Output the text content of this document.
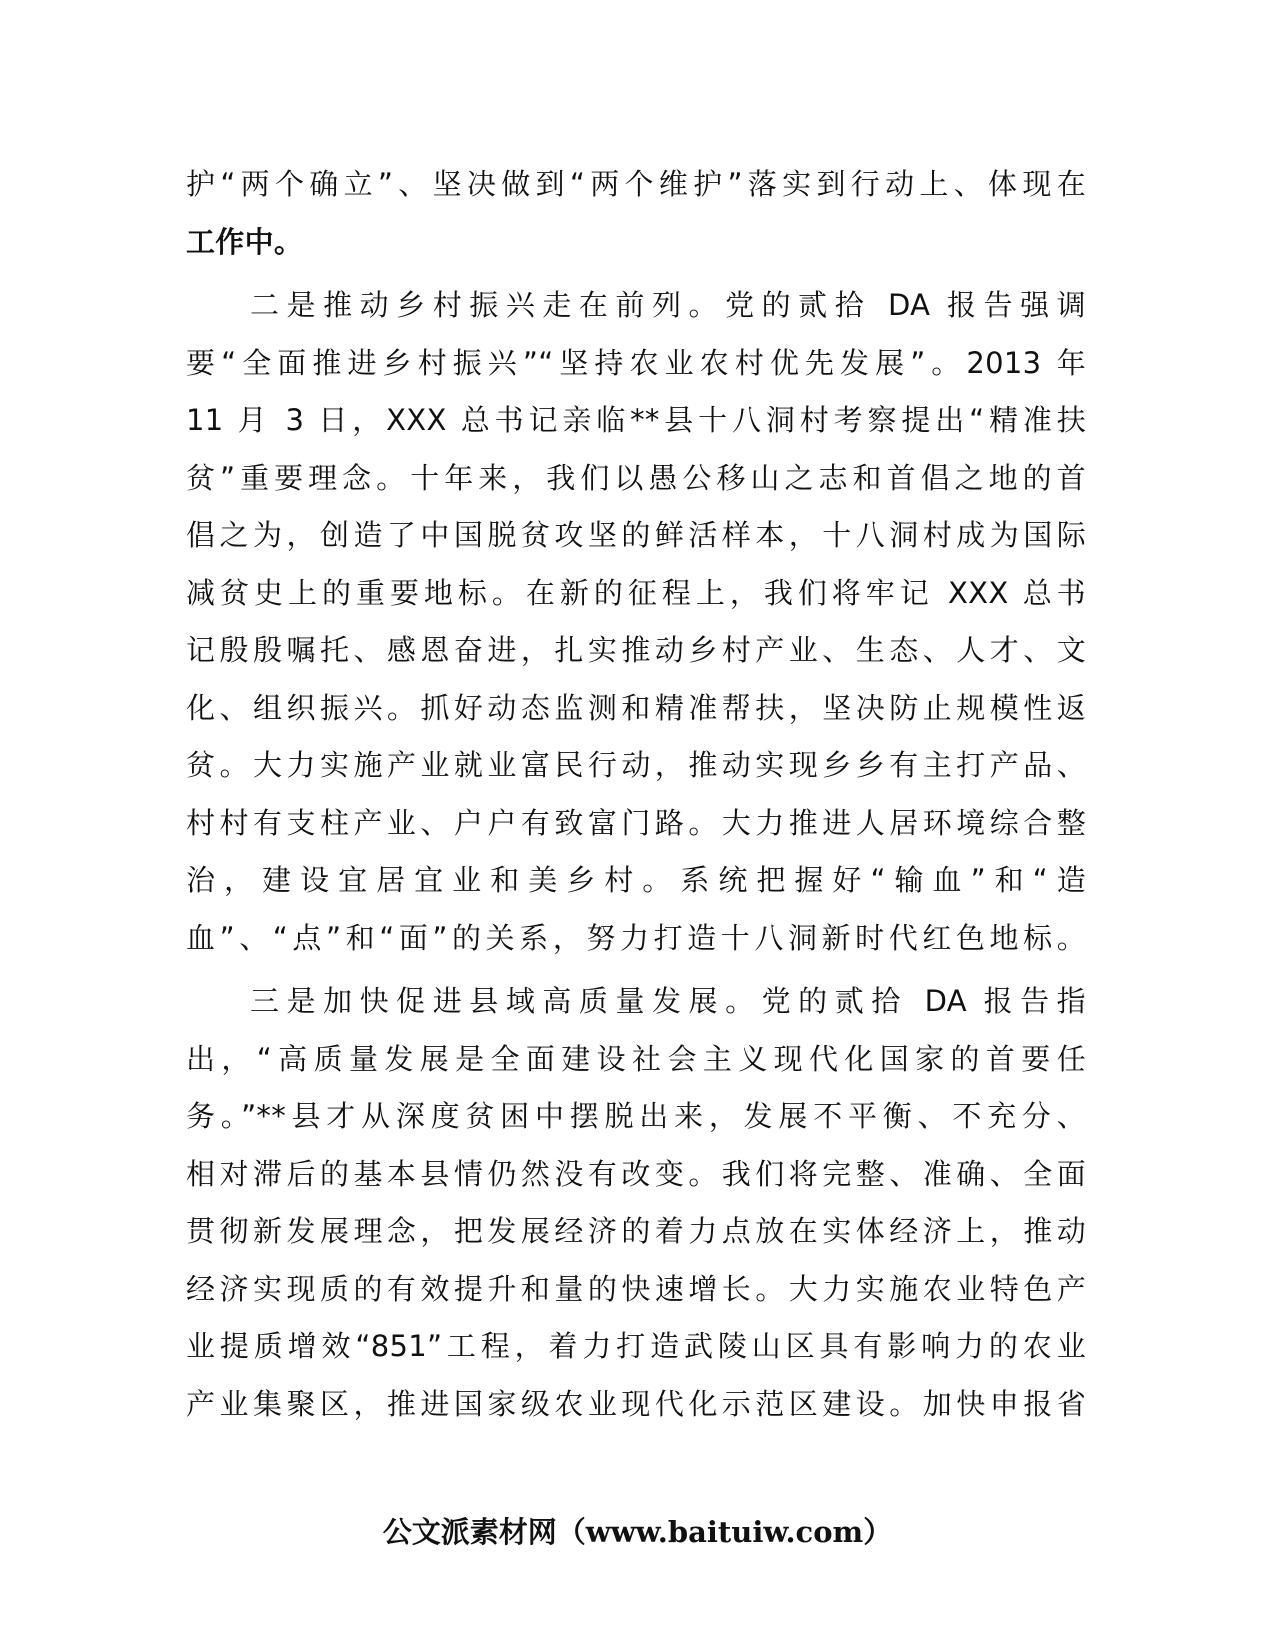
护“两个确立”、坚决做到“两个维护”落实到行动上、体现在
工作中。
二是推动乡村振兴走在前列。党的贰拾 DA 报告强调
要“全面推进乡村振兴”“坚持农业农村优先发展”。2013 年
11 月 3 日，XXX 总书记亲临**县十八洞村考察提出“精准扶
贫”重要理念。十年来，我们以愚公移山之志和首倡之地的首
倡之为，创造了中国脱贫攻坚的鲜活样本，十八洞村成为国际
减贫史上的重要地标。在新的征程上，我们将牢记 XXX 总书
记殷殷嘱托、感恩奋进，扎实推动乡村产业、生态、人才、文
化、组织振兴。抓好动态监测和精准帮扶，坚决防止规模性返
贫。大力实施产业就业富民行动，推动实现乡乡有主打产品、
村村有支柱产业、户户有致富门路。大力推进人居环境综合整
治，建设宜居宜业和美乡村。系统把握好“输血”和“造
血”、“点”和“面”的关系，努力打造十八洞新时代红色地标。
三是加快促进县域高质量发展。党的贰拾 DA 报告指
出，“高质量发展是全面建设社会主义现代化国家的首要任
务。”**县才从深度贫困中摆脱出来，发展不平衡、不充分、
相对滞后的基本县情仍然没有改变。我们将完整、准确、全面
贯彻新发展理念，把发展经济的着力点放在实体经济上，推动
经济实现质的有效提升和量的快速增长。大力实施农业特色产
业提质增效“851”工程，着力打造武陵山区具有影响力的农业
产业集聚区，推进国家级农业现代化示范区建设。加快申报省
公文派素材网（www.baituiw.com）
